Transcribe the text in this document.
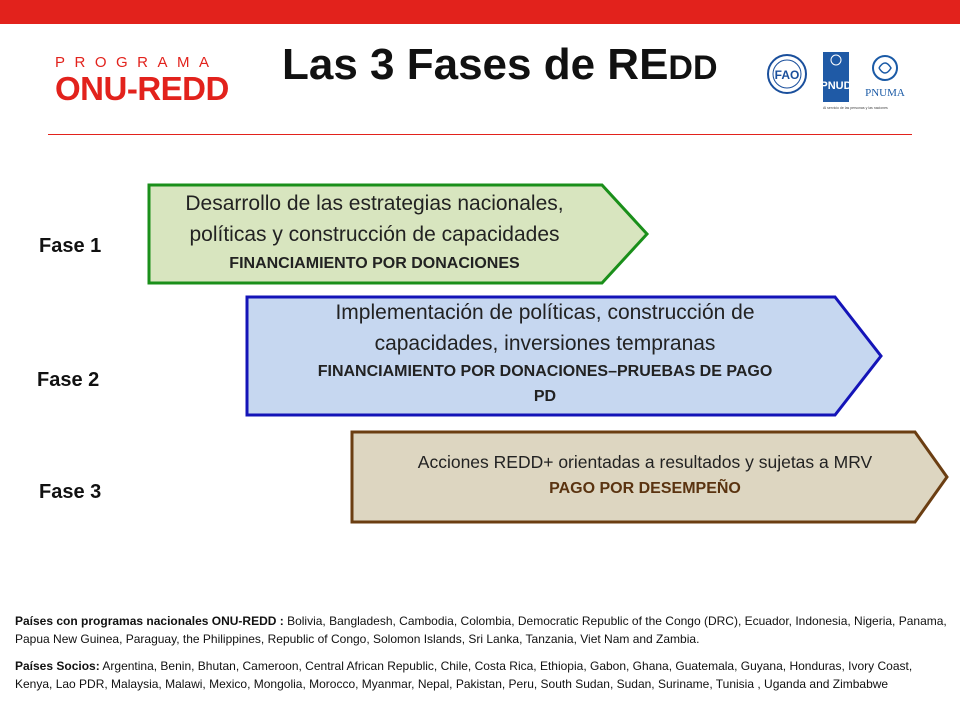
PROGRAMA
ONU-REDD	Las 3 Fases de REDD	FAO
PNUD
Al servicio de las personas y las naciones
PNUMA
Fase 1
Fase 2
Fase 3
Desarrollo de las estrategias nacionales,
políticas y construcción de capacidades
FINANCIAMIENTO POR DONACIONES
Implementación de políticas, construcción de
capacidades, inversiones tempranas
FINANCIAMIENTO POR DONACIONES–PRUEBAS DE PAGO
PD
Acciones REDD+ orientadas a resultados y sujetas a MRV
PAGO POR DESEMPEÑO

Países con programas nacionales ONU-REDD : Bolivia, Bangladesh, Cambodia, Colombia, Democratic Republic of the Congo (DRC), Ecuador, Indonesia, Nigeria, Panama, Papua New Guinea, Paraguay, the Philippines, Republic of Congo, Solomon Islands, Sri Lanka, Tanzania, Viet Nam and Zambia.

Países Socios: Argentina, Benin, Bhutan, Cameroon, Central African Republic, Chile, Costa Rica, Ethiopia, Gabon, Ghana, Guatemala, Guyana, Honduras, Ivory Coast, Kenya, Lao PDR, Malaysia, Malawi, Mexico, Mongolia, Morocco, Myanmar, Nepal, Pakistan, Peru, South Sudan, Sudan, Suriname, Tunisia , Uganda and Zimbabwe
